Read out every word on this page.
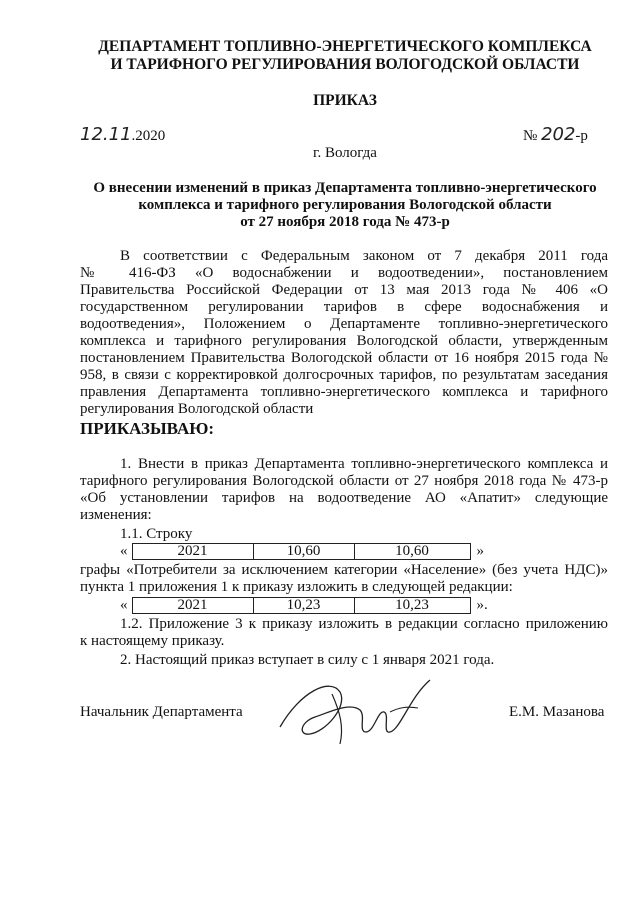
ДЕПАРТАМЕНТ ТОПЛИВНО-ЭНЕРГЕТИЧЕСКОГО КОМПЛЕКСА
И ТАРИФНОГО РЕГУЛИРОВАНИЯ ВОЛОГОДСКОЙ ОБЛАСТИ
ПРИКАЗ
12.11.2020	№ 202-р
г. Вологда
О внесении изменений в приказ Департамента топливно-энергетического
комплекса и тарифного регулирования Вологодской области
от 27 ноября 2018 года № 473-р
В соответствии с Федеральным законом от 7 декабря 2011 года
№ 416-ФЗ «О водоснабжении и водоотведении», постановлением
Правительства Российской Федерации от 13 мая 2013 года № 406 «О
государственном регулировании тарифов в сфере водоснабжения и
водоотведения», Положением о Департаменте топливно-энергетического
комплекса и тарифного регулирования Вологодской области, утвержденным
постановлением Правительства Вологодской области от 16 ноября 2015 года №
958, в связи с корректировкой долгосрочных тарифов, по результатам заседания
правления Департамента топливно-энергетического комплекса и тарифного
регулирования Вологодской области
ПРИКАЗЫВАЮ:
1. Внести в приказ Департамента топливно-энергетического комплекса и
тарифного регулирования Вологодской области от 27 ноября 2018 года № 473-р
«Об установлении тарифов на водоотведение АО «Апатит» следующие
изменения:
1.1. Строку
«	2021	10,60	10,60	»
графы «Потребители за исключением категории «Население» (без учета НДС)»
пункта 1 приложения 1 к приказу изложить в следующей редакции:
«	2021	10,23	10,23	».
1.2. Приложение 3 к приказу изложить в редакции согласно приложению
к настоящему приказу.
2. Настоящий приказ вступает в силу с 1 января 2021 года.
Начальник Департамента	Е.М. Мазанова
